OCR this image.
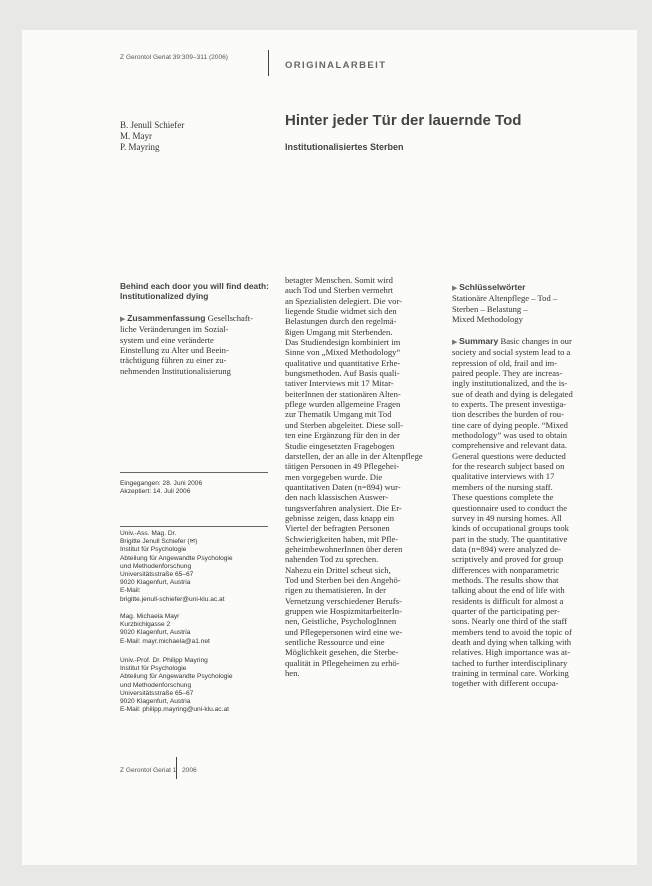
Z Gerontol Geriat 39:309–311 (2006)
ORIGINALARBEIT
B. Jenull Schiefer
M. Mayr
P. Mayring
Hinter jeder Tür der lauernde Tod
Institutionalisiertes Sterben
Behind each door you will find death:
Institutionalized dying
▶ Zusammenfassung Gesellschaft-
liche Veränderungen im Sozial-
system und eine veränderte
Einstellung zu Alter und Beein-
trächtigung führen zu einer zu-
nehmenden Institutionalisierung
Eingegangen: 28. Juni 2006
Akzeptiert: 14. Juli 2006
Univ.-Ass. Mag. Dr.
Brigitte Jenull Schiefer (✉)
Institut für Psychologie
Abteilung für Angewandte Psychologie
und Methodenforschung
Universitätsstraße 65–67
9020 Klagenfurt, Austria
E-Mail:
brigitte.jenull-schiefer@uni-klu.ac.at
Mag. Michaela Mayr
Kurzbichlgasse 2
9020 Klagenfurt, Austria
E-Mail: mayr.michaela@a1.net
Univ.-Prof. Dr. Philipp Mayring
Institut für Psychologie
Abteilung für Angewandte Psychologie
und Methodenforschung
Universitätsstraße 65–67
9020 Klagenfurt, Austria
E-Mail: philipp.mayring@uni-klu.ac.at
Z Gerontol Geriat 1 2006
betagter Menschen. Somit wird
auch Tod und Sterben vermehrt
an Spezialisten delegiert. Die vor-
liegende Studie widmet sich den
Belastungen durch den regelmä-
ßigen Umgang mit Sterbenden.
Das Studiendesign kombiniert im
Sinne von „Mixed Methodology“
qualitative und quantitative Erhe-
bungsmethoden. Auf Basis quali-
tativer Interviews mit 17 Mitar-
beiterInnen der stationären Alten-
pflege wurden allgemeine Fragen
zur Thematik Umgang mit Tod
und Sterben abgeleitet. Diese soll-
ten eine Ergänzung für den in der
Studie eingesetzten Fragebogen
darstellen, der an alle in der Altenpflege
tätigen Personen in 49 Pflegehei-
men vorgegeben wurde. Die
quantitativen Daten (n=894) wur-
den nach klassischen Auswer-
tungsverfahren analysiert. Die Er-
gebnisse zeigen, dass knapp ein
Viertel der befragten Personen
Schwierigkeiten haben, mit Pfle-
geheimbewohnerInnen über deren
nahenden Tod zu sprechen.
Nahezu ein Drittel scheut sich,
Tod und Sterben bei den Angehö-
rigen zu thematisieren. In der
Vernetzung verschiedener Berufs-
gruppen wie HospizmitarbeiterIn-
nen, Geistliche, PsychologInnen
und Pflegepersonen wird eine we-
sentliche Ressource und eine
Möglichkeit gesehen, die Sterbe-
qualität in Pflegeheimen zu erhö-
hen.
▶ Schlüsselwörter
Stationäre Altenpflege – Tod –
Sterben – Belastung –
Mixed Methodology
▶ Summary Basic changes in our
society and social system lead to a
repression of old, frail and im-
paired people. They are increas-
ingly institutionalized, and the is-
sue of death and dying is delegated
to experts. The present investiga-
tion describes the burden of rou-
tine care of dying people. “Mixed
methodology” was used to obtain
comprehensive and relevant data.
General questions were deducted
for the research subject based on
qualitative interviews with 17
members of the nursing staff.
These questions complete the
questionnaire used to conduct the
survey in 49 nursing homes. All
kinds of occupational groups took
part in the study. The quantitative
data (n=894) were analyzed de-
scriptively and proved for group
differences with nonparametric
methods. The results show that
talking about the end of life with
residents is difficult for almost a
quarter of the participating per-
sons. Nearly one third of the staff
members tend to avoid the topic of
death and dying when talking with
relatives. High importance was at-
tached to further interdisciplinary
training in terminal care. Working
together with different occupa-
